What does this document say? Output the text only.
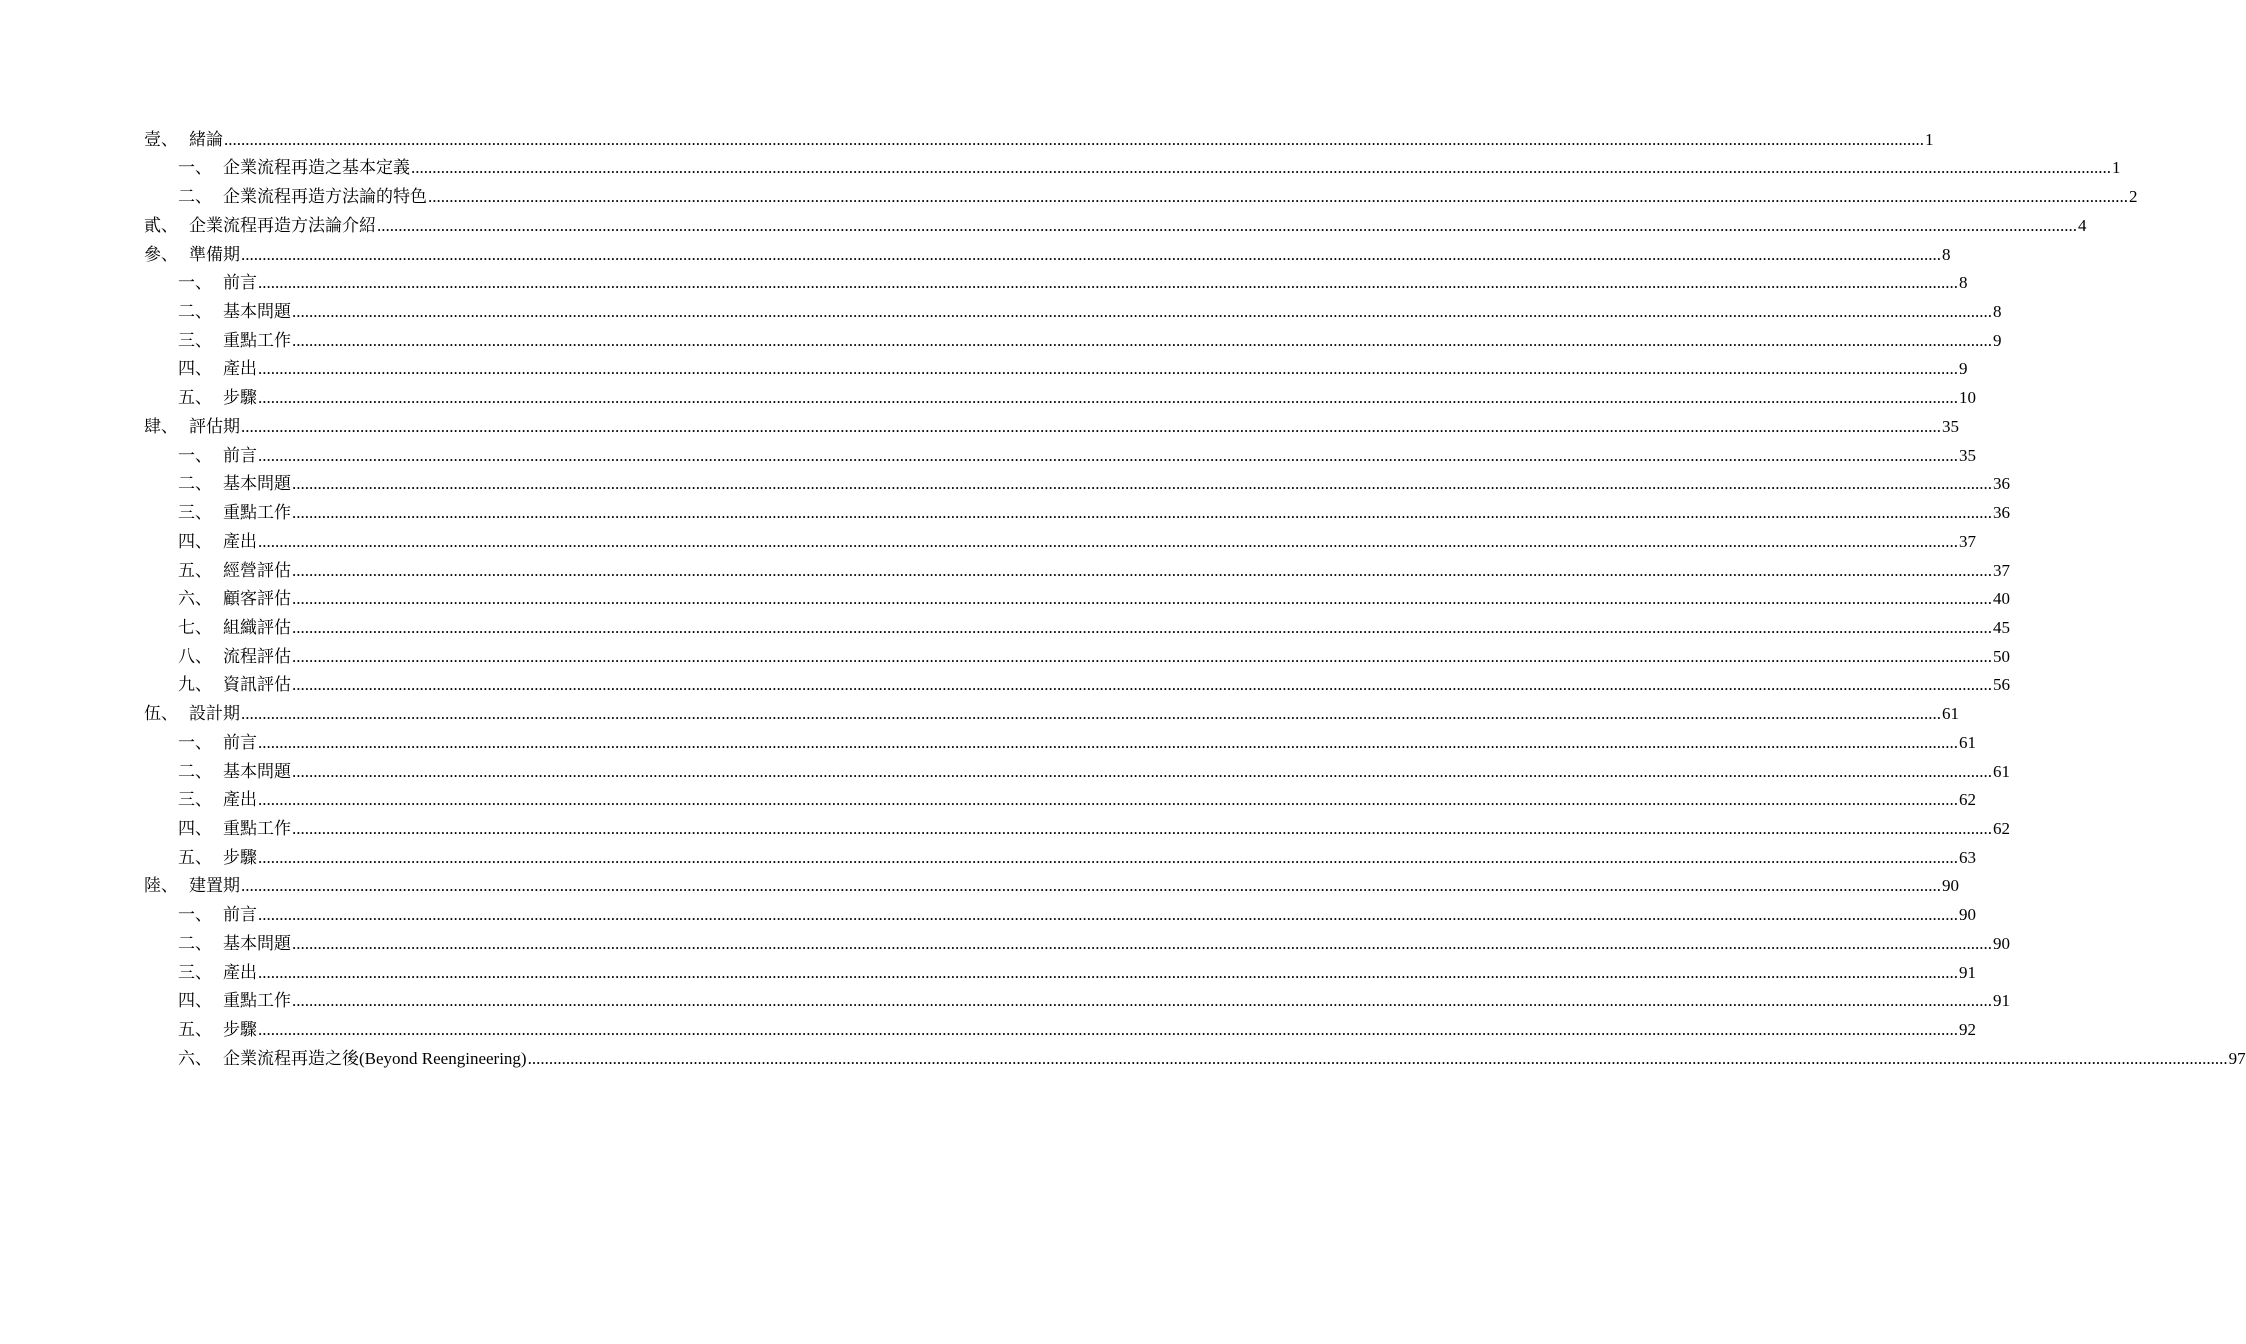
壹、 緒論 ................................................................................................................................................................................................................................................................................................................................................................................................................ 1
一、 企業流程再造之基本定義 ................................................................................................................................................................................................................................................................................................................................................................................................................ 1
二、 企業流程再造方法論的特色 ................................................................................................................................................................................................................................................................................................................................................................................................................ 2
貳、 企業流程再造方法論介紹 ................................................................................................................................................................................................................................................................................................................................................................................................................ 4
參、 準備期 ................................................................................................................................................................................................................................................................................................................................................................................................................ 8
一、 前言 ................................................................................................................................................................................................................................................................................................................................................................................................................ 8
二、 基本問題 ................................................................................................................................................................................................................................................................................................................................................................................................................ 8
三、 重點工作 ................................................................................................................................................................................................................................................................................................................................................................................................................ 9
四、 產出 ................................................................................................................................................................................................................................................................................................................................................................................................................ 9
五、 步驟 ................................................................................................................................................................................................................................................................................................................................................................................................................ 10
肆、 評估期 ................................................................................................................................................................................................................................................................................................................................................................................................................ 35
一、 前言 ................................................................................................................................................................................................................................................................................................................................................................................................................ 35
二、 基本問題 ................................................................................................................................................................................................................................................................................................................................................................................................................ 36
三、 重點工作 ................................................................................................................................................................................................................................................................................................................................................................................................................ 36
四、 產出 ................................................................................................................................................................................................................................................................................................................................................................................................................ 37
五、 經營評估 ................................................................................................................................................................................................................................................................................................................................................................................................................ 37
六、 顧客評估 ................................................................................................................................................................................................................................................................................................................................................................................................................ 40
七、 組織評估 ................................................................................................................................................................................................................................................................................................................................................................................................................ 45
八、 流程評估 ................................................................................................................................................................................................................................................................................................................................................................................................................ 50
九、 資訊評估 ................................................................................................................................................................................................................................................................................................................................................................................................................ 56
伍、 設計期 ................................................................................................................................................................................................................................................................................................................................................................................................................ 61
一、 前言 ................................................................................................................................................................................................................................................................................................................................................................................................................ 61
二、 基本問題 ................................................................................................................................................................................................................................................................................................................................................................................................................ 61
三、 產出 ................................................................................................................................................................................................................................................................................................................................................................................................................ 62
四、 重點工作 ................................................................................................................................................................................................................................................................................................................................................................................................................ 62
五、 步驟 ................................................................................................................................................................................................................................................................................................................................................................................................................ 63
陸、 建置期 ................................................................................................................................................................................................................................................................................................................................................................................................................ 90
一、 前言 ................................................................................................................................................................................................................................................................................................................................................................................................................ 90
二、 基本問題 ................................................................................................................................................................................................................................................................................................................................................................................................................ 90
三、 產出 ................................................................................................................................................................................................................................................................................................................................................................................................................ 91
四、 重點工作 ................................................................................................................................................................................................................................................................................................................................................................................................................ 91
五、 步驟 ................................................................................................................................................................................................................................................................................................................................................................................................................ 92
六、 企業流程再造之後(Beyond Reengineering) ................................................................................................................................................................................................................................................................................................................................................................................................................ 97
